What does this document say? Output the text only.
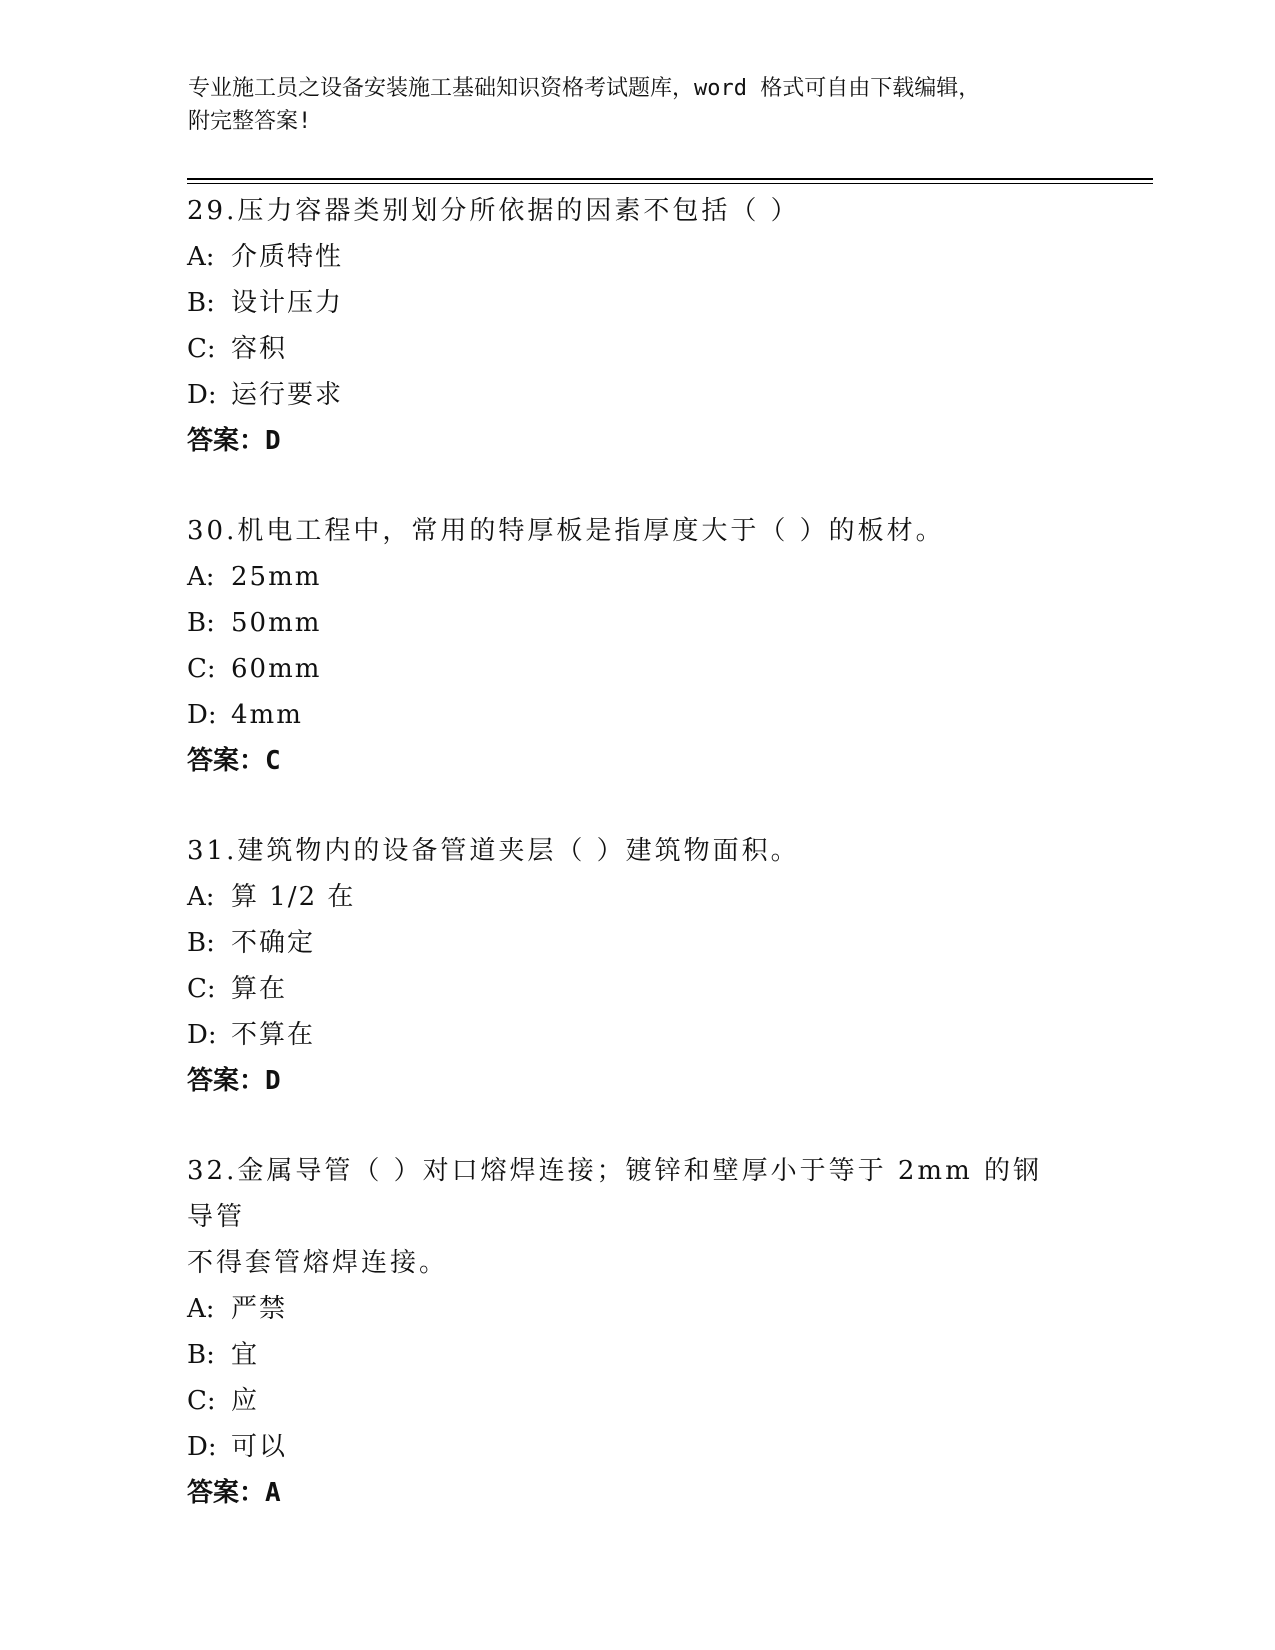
专业施工员之设备安装施工基础知识资格考试题库，word 格式可自由下载编辑，
附完整答案!

29.压力容器类别划分所依据的因素不包括（ ）

A: 介质特性

B: 设计压力

C: 容积

D: 运行要求

答案：D

30.机电工程中，常用的特厚板是指厚度大于（ ）的板材。

A: 25mm

B: 50mm

C: 60mm

D: 4mm

答案：C

31.建筑物内的设备管道夹层（ ）建筑物面积。

A: 算 1/2 在

B: 不确定

C: 算在

D: 不算在

答案：D

32.金属导管（ ）对口熔焊连接；镀锌和壁厚小于等于 2mm 的钢导管

不得套管熔焊连接。

A: 严禁

B: 宜

C: 应

D: 可以

答案：A
